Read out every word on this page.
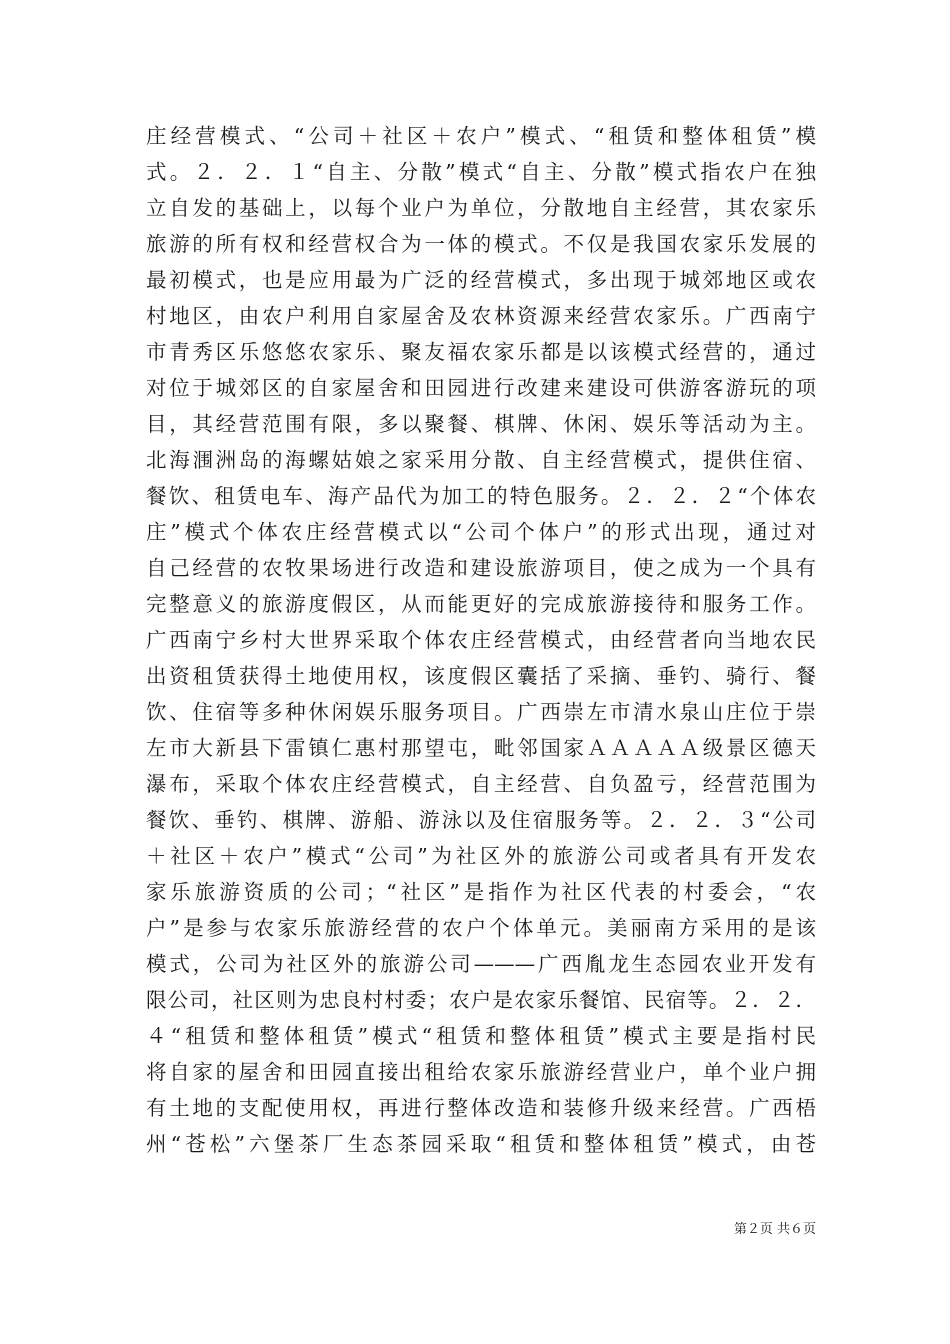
庄经营模式、“公司＋社区＋农户”模式、“租赁和整体租赁”模
式。２．２．１“自主、分散”模式“自主、分散”模式指农户在独
立自发的基础上，以每个业户为单位，分散地自主经营，其农家乐
旅游的所有权和经营权合为一体的模式。不仅是我国农家乐发展的
最初模式，也是应用最为广泛的经营模式，多出现于城郊地区或农
村地区，由农户利用自家屋舍及农林资源来经营农家乐。广西南宁
市青秀区乐悠悠农家乐、聚友福农家乐都是以该模式经营的，通过
对位于城郊区的自家屋舍和田园进行改建来建设可供游客游玩的项
目，其经营范围有限，多以聚餐、棋牌、休闲、娱乐等活动为主。
北海涠洲岛的海螺姑娘之家采用分散、自主经营模式，提供住宿、
餐饮、租赁电车、海产品代为加工的特色服务。２．２．２“个体农
庄”模式个体农庄经营模式以“公司个体户”的形式出现，通过对
自己经营的农牧果场进行改造和建设旅游项目，使之成为一个具有
完整意义的旅游度假区，从而能更好的完成旅游接待和服务工作。
广西南宁乡村大世界采取个体农庄经营模式，由经营者向当地农民
出资租赁获得土地使用权，该度假区囊括了采摘、垂钓、骑行、餐
饮、住宿等多种休闲娱乐服务项目。广西崇左市清水泉山庄位于崇
左市大新县下雷镇仁惠村那望屯，毗邻国家ＡＡＡＡＡ级景区德天
瀑布，采取个体农庄经营模式，自主经营、自负盈亏，经营范围为
餐饮、垂钓、棋牌、游船、游泳以及住宿服务等。２．２．３“公司
＋社区＋农户”模式“公司”为社区外的旅游公司或者具有开发农
家乐旅游资质的公司；“社区”是指作为社区代表的村委会，“农
户”是参与农家乐旅游经营的农户个体单元。美丽南方采用的是该
模式，公司为社区外的旅游公司———广西胤龙生态园农业开发有
限公司，社区则为忠良村村委；农户是农家乐餐馆、民宿等。２．２．
４“租赁和整体租赁”模式“租赁和整体租赁”模式主要是指村民
将自家的屋舍和田园直接出租给农家乐旅游经营业户，单个业户拥
有土地的支配使用权，再进行整体改造和装修升级来经营。广西梧
州“苍松”六堡茶厂生态茶园采取“租赁和整体租赁”模式，由苍
第２页 共６页
